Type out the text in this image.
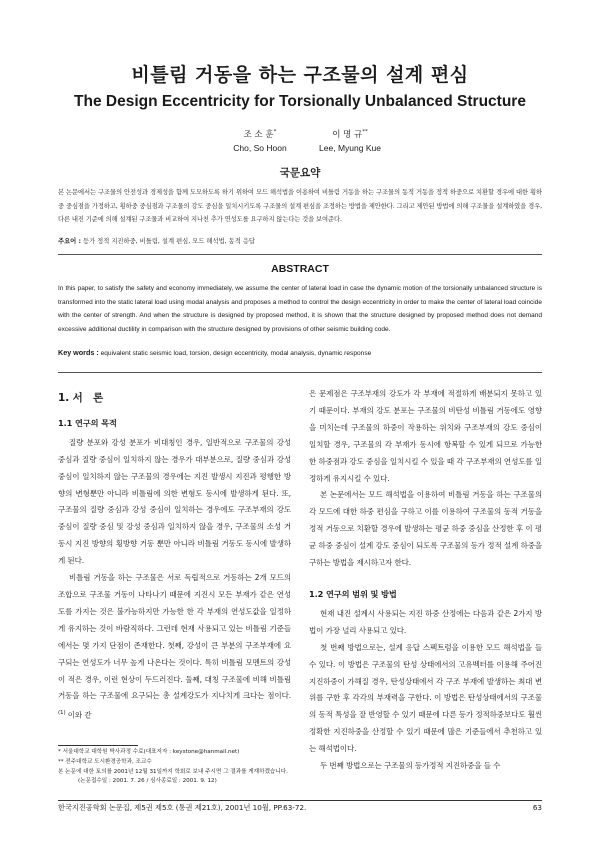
비틀림 거동을 하는 구조물의 설계 편심
The Design Eccentricity for Torsionally Unbalanced Structure
조 소 훈*
Cho, So Hoon
이 명 규**
Lee, Myung Kue
국문요약
본 논문에서는 구조물의 안전성과 경제성을 함께 도모하도록 하기 위하여 모드 해석법을 이용하여 비틀림 거동을 하는 구조물의 동적 거동을 정적 하중으로 치환할 경우에 대한 횡하중 중심점을 가정하고, 횡하중 중심점과 구조물의 강도 중심을 일치시키도록 구조물의 설계 편심을 조정하는 방법을 제안한다. 그리고 제안된 방법에 의해 구조물을 설계하였을 경우, 다른 내진 기준에 의해 설계된 구조물과 비교하여 지나친 추가 연성도를 요구하지 않는다는 것을 보여준다.
주요어 : 등가 정적 지진하중, 비틀림, 설계 편심, 모드 해석법, 동적 응답
ABSTRACT
In this paper, to satisfy the safety and economy immediately, we assume the center of lateral load in case the dynamic motion of the torsionally unbalanced structure is transformed into the static lateral load using modal analysis and proposes a method to control the design eccentricity in order to make the center of lateral load coincide with the center of strength. And when the structure is designed by proposed method, it is shown that the structure designed by proposed method does not demand excessive additional ductility in comparison with the structure designed by provisions of other seismic building code.
Key words : equivalent static seismic load, torsion, design eccentricity, modal analysis, dynamic response
1. 서　론
1.1 연구의 목적

질량 분포와 강성 분포가 비대칭인 경우, 일반적으로 구조물의 강성 중심과 질량 중심이 일치하지 않는 경우가 대부분으로, 질량 중심과 강성 중심이 일치하지 않는 구조물의 경우에는 지진 발생시 지진과 평행한 방향의 변형뿐만 아니라 비틀림에 의한 변형도 동시에 발생하게 된다. 또, 구조물의 질량 중심과 강성 중심이 일치하는 경우에도 구조부재의 강도 중심이 질량 중심 및 강성 중심과 일치하지 않을 경우, 구조물의 소성 거동시 지진 방향의 횡방향 거동 뿐만 아니라 비틀림 거동도 동시에 발생하게 된다.

비틀림 거동을 하는 구조물은 서로 독립적으로 거동하는 2개 모드의 조합으로 구조물 거동이 나타나기 때문에 지진시 모든 부재가 같은 연성도를 가지는 것은 불가능하지만 가능한 한 각 부재의 연성도값을 일정하게 유지하는 것이 바람직하다. 그런데 현재 사용되고 있는 비틀림 기준들에서는 몇 가지 단점이 존재한다. 첫째, 강성이 큰 부분의 구조부재에 요구되는 연성도가 너무 높게 나온다는 것이다. 특히 비틀림 모멘트의 강성이 적은 경우, 이런 현상이 두드러진다. 둘째, 대칭 구조물에 비해 비틀림 거동을 하는 구조물에 요구되는 총 설계강도가 지나치게 크다는 점이다.$^{(1)}$ 이와 같

은 문제점은 구조부재의 강도가 각 부재에 적절하게 배분되지 못하고 있기 때문이다. 부재의 강도 분포는 구조물의 비탄성 비틀림 거동에도 영향을 미치는데 구조물의 하중이 작용하는 위치와 구조부재의 강도 중심이 일치할 경우, 구조물의 각 부재가 동시에 항복할 수 있게 되므로 가능한 한 하중점과 강도 중심을 일치시킬 수 있을 때 각 구조부재의 연성도를 일정하게 유지시킬 수 있다.

본 논문에서는 모드 해석법을 이용하여 비틀림 거동을 하는 구조물의 각 모드에 대한 하중 편심을 구하고 이를 이용하여 구조물의 동적 거동을 정적 거동으로 치환할 경우에 발생하는 평균 하중 중심을 산정한 후 이 평균 하중 중심이 설계 강도 중심이 되도록 구조물의 등가 정적 설계 하중을 구하는 방법을 제시하고자 한다.

1.2 연구의 범위 및 방법

현재 내진 설계시 사용되는 지진 하중 산정에는 다음과 같은 2가지 방법이 가장 널리 사용되고 있다.

첫 번째 방법으로는, 설계 응답 스펙트럼을 이용한 모드 해석법을 들 수 있다. 이 방법은 구조물의 탄성 상태에서의 고유벡터를 이용해 주어진 지진하중이 가해질 경우, 탄성상태에서 각 구조 부재에 발생하는 최대 변위를 구한 후 각각의 부재력을 구한다. 이 방법은 탄성상태에서의 구조물의 동적 특성을 잘 반영할 수 있기 때문에 다른 등가 정적하중보다도 훨씬 정확한 지진하중을 산정할 수 있기 때문에 많은 기준들에서 추천하고 있는 해석법이다.

두 번째 방법으로는 구조물의 등가정적 지진하중을 들 수

* 서울대학교 대학원 박사과정 수료(대표저자 : keystone@hanmail.net)
** 전주대학교 도시환경공학과, 조교수
본 논문에 대한 토의를 2001년 12월 31일까지 학회로 보내 주시면 그 결과를 게재하겠습니다.
(논문접수일 : 2001. 7. 26 / 심사종료일 : 2001. 9. 12)
한국지진공학회 논문집, 제5권 제5호 (통권 제21호), 2001년 10월, PP.63-72.	63
